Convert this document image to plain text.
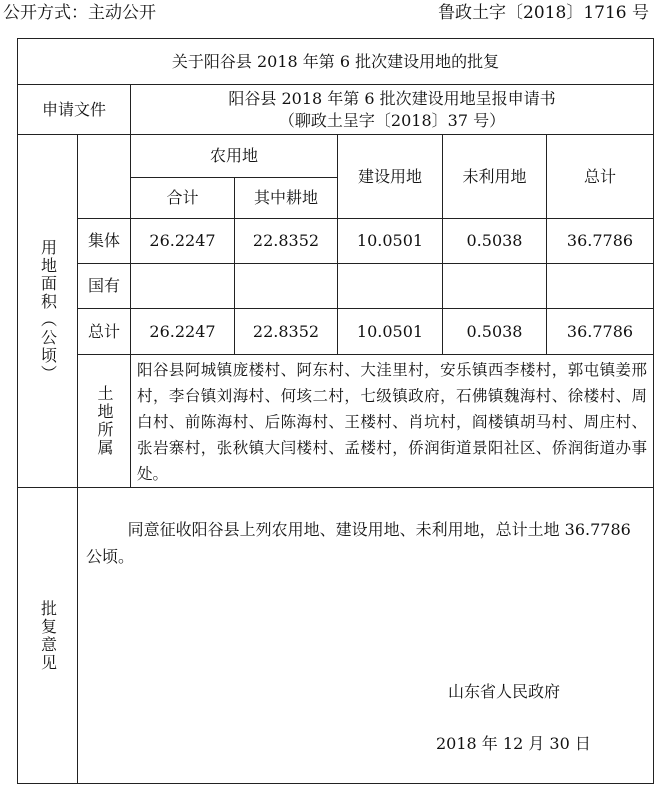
公开方式：主动公开	鲁政土字〔2018〕1716 号
关于阳谷县 2018 年第 6 批次建设用地的批复						
申请文件		阳谷县 2018 年第 6 批次建设用地呈报申请书
（聊政土呈字〔2018〕37 号）				

用地面积（公顷）		农用地		建设用地	未利用地	总计
		合计	其中耕地			
	集体	26.2247	22.8352	10.0501	0.5038	36.7786
	国有					
	总计	26.2247	22.8352	10.0501	0.5038	36.7786

	土地所属	阳谷县阿城镇庞楼村、阿东村、大洼里村，安乐镇西李楼村，郭屯镇姜邢村，李台镇刘海村、何垓二村，七级镇政府，石佛镇魏海村、徐楼村、周白村、前陈海村、后陈海村、王楼村、肖坑村，阎楼镇胡马村、周庄村、张岩寨村，张秋镇大闫楼村、孟楼村，侨润街道景阳社区、侨润街道办事处。				

批复意见	同意征收阳谷县上列农用地、建设用地、未利用地，总计土地 36.7786 公顷。
山东省人民政府
2018 年 12 月 30 日					
